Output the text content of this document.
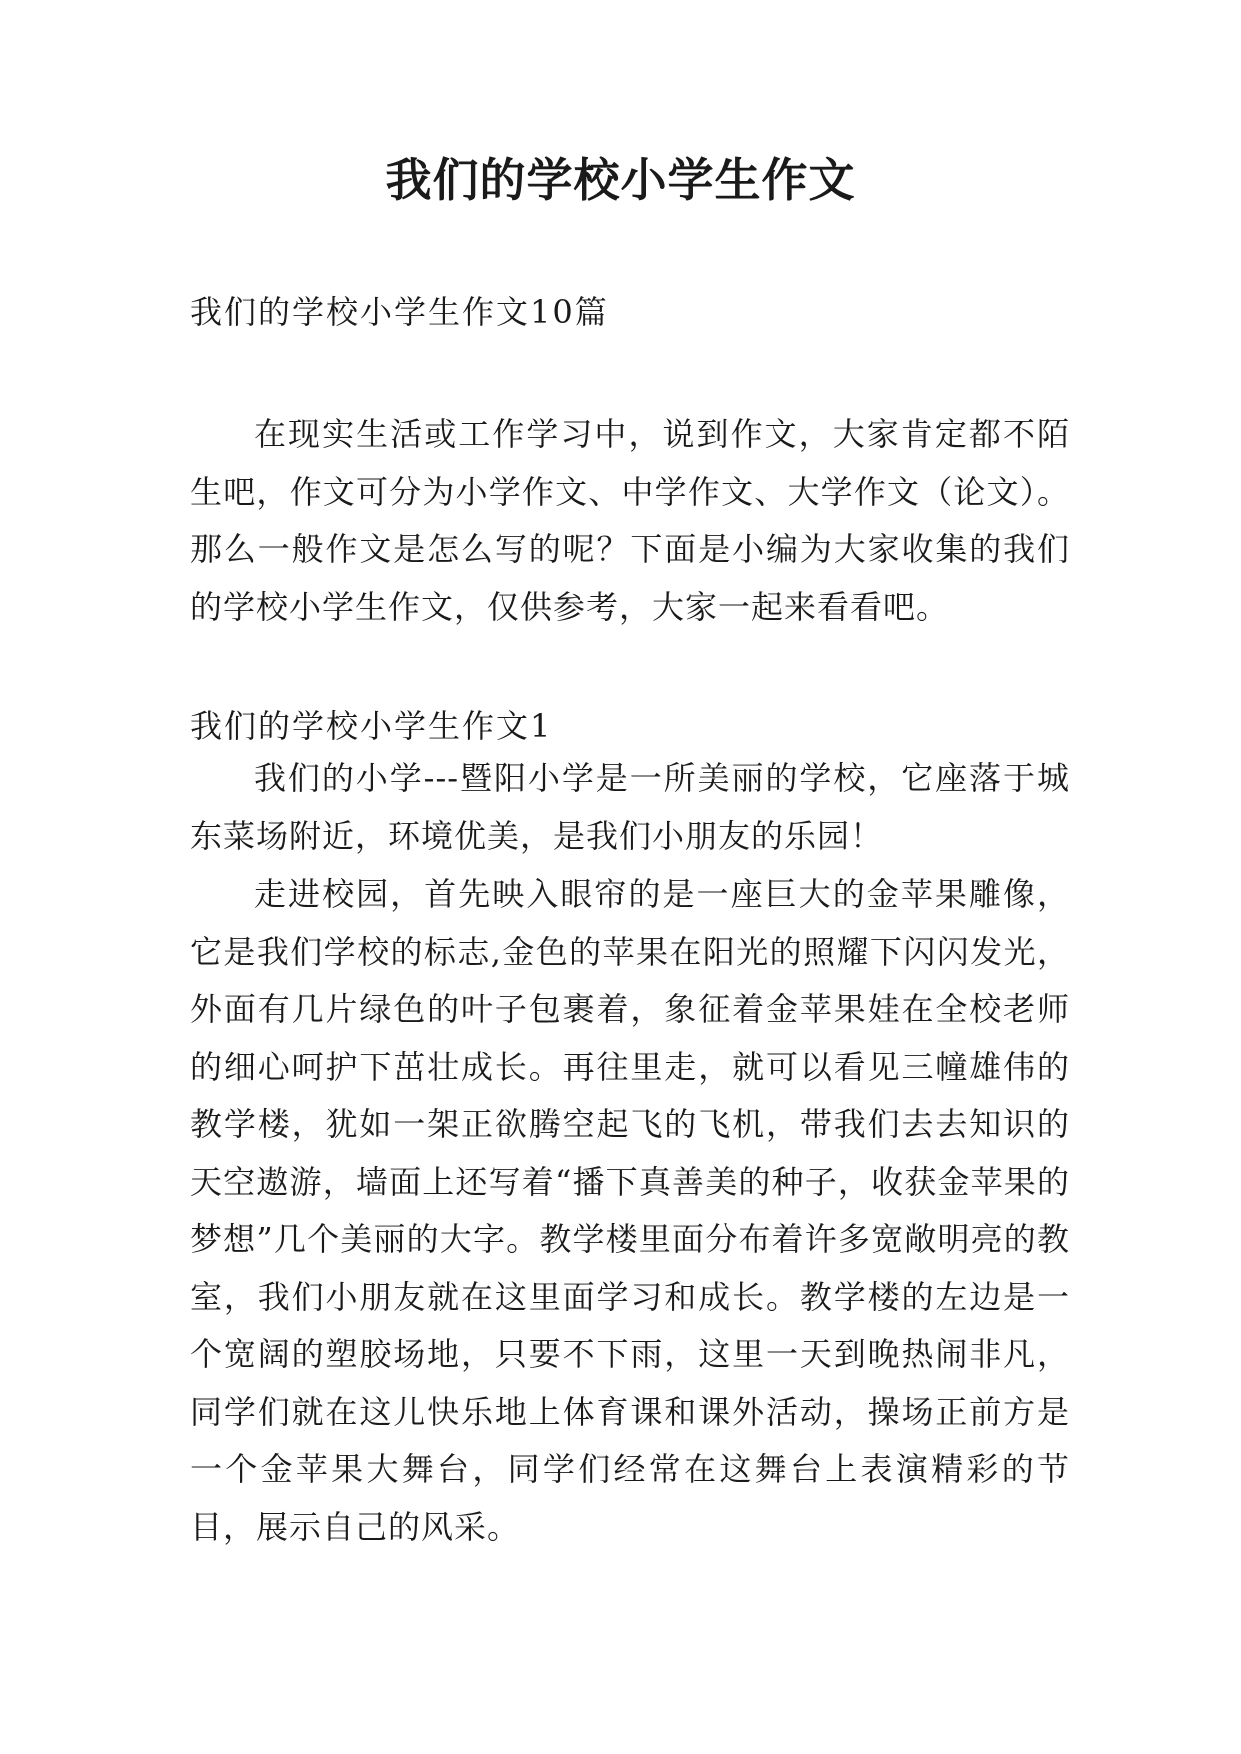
我们的学校小学生作文
我们的学校小学生作文10篇

在现实生活或工作学习中，说到作文，大家肯定都不陌生吧，作文可分为小学作文、中学作文、大学作文（论文）。那么一般作文是怎么写的呢？下面是小编为大家收集的我们的学校小学生作文，仅供参考，大家一起来看看吧。

我们的学校小学生作文1

我们的小学---暨阳小学是一所美丽的学校，它座落于城东菜场附近，环境优美，是我们小朋友的乐园！

走进校园，首先映入眼帘的是一座巨大的金苹果雕像，它是我们学校的标志,金色的苹果在阳光的照耀下闪闪发光，外面有几片绿色的叶子包裹着，象征着金苹果娃在全校老师的细心呵护下茁壮成长。再往里走，就可以看见三幢雄伟的教学楼，犹如一架正欲腾空起飞的飞机，带我们去去知识的天空遨游，墙面上还写着“播下真善美的种子，收获金苹果的梦想”几个美丽的大字。教学楼里面分布着许多宽敞明亮的教室，我们小朋友就在这里面学习和成长。教学楼的左边是一个宽阔的塑胶场地，只要不下雨，这里一天到晚热闹非凡，同学们就在这儿快乐地上体育课和课外活动，操场正前方是一个金苹果大舞台，同学们经常在这舞台上表演精彩的节目，展示自己的风采。
